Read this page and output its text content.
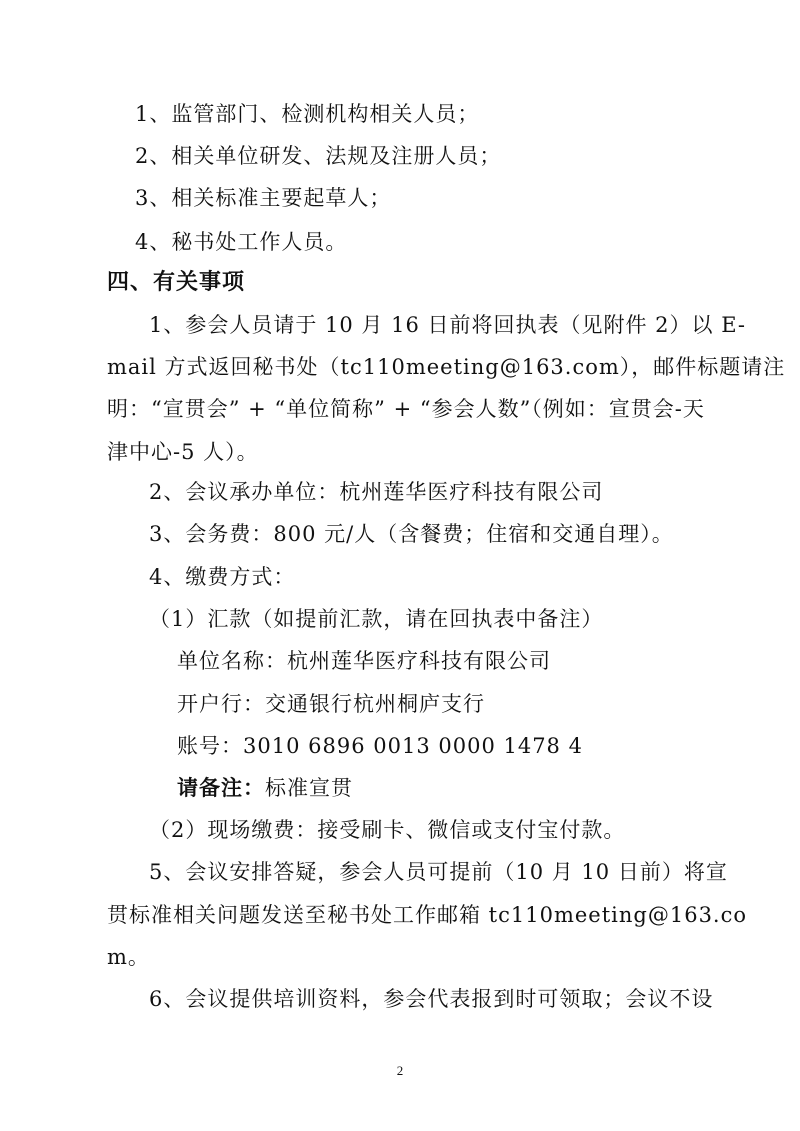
1、监管部门、检测机构相关人员；
2、相关单位研发、法规及注册人员；
3、相关标准主要起草人；
4、秘书处工作人员。
四、有关事项
1、参会人员请于 10 月 16 日前将回执表（见附件 2）以 E-
mail 方式返回秘书处（tc110meeting@163.com），邮件标题请注
明：“宣贯会” + “单位简称” + “参会人数”（例如：宣贯会-天
津中心-5 人）。
2、会议承办单位：杭州莲华医疗科技有限公司
3、会务费：800 元/人（含餐费；住宿和交通自理）。
4、缴费方式：
（1）汇款（如提前汇款，请在回执表中备注）
单位名称：杭州莲华医疗科技有限公司
开户行：交通银行杭州桐庐支行
账号：3010 6896 0013 0000 1478 4
请备注：标准宣贯
（2）现场缴费：接受刷卡、微信或支付宝付款。
5、会议安排答疑，参会人员可提前（10 月 10 日前）将宣
贯标准相关问题发送至秘书处工作邮箱 tc110meeting@163.co
m。
6、会议提供培训资料，参会代表报到时可领取；会议不设
2
